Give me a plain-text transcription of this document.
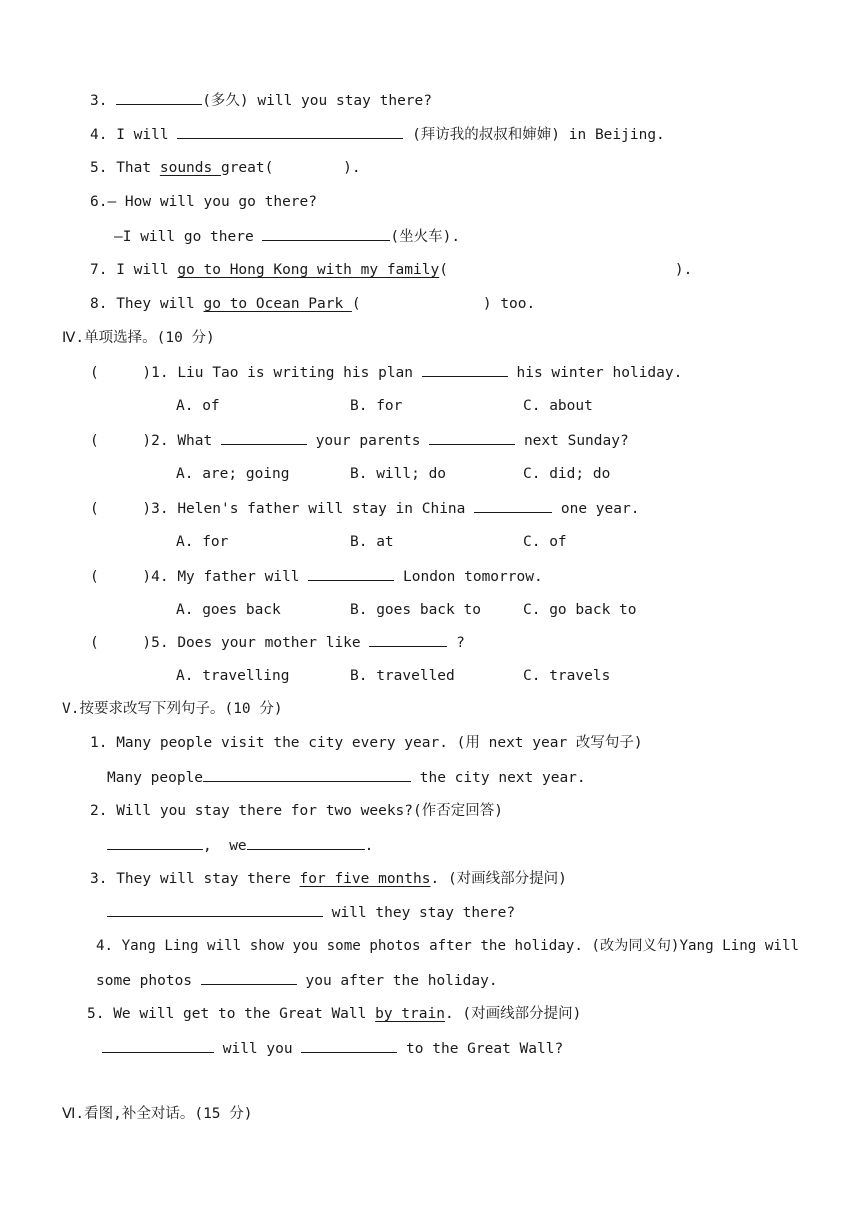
3.	(多久) will you stay there?
4. I will	(拜访我的叔叔和婶婶) in Beijing.
5. That sounds great(        ).
6.— How will you go there?
—I will go there	(坐火车).
7. I will go to Hong Kong with my family(                          ).
8. They will go to Ocean Park (              ) too.
Ⅳ.单项选择。(10 分)
(     )1. Liu Tao is writing his plan	his winter holiday.
A. of	B. for	C. about
(     )2. What	your parents	next Sunday?
A. are; going	B. will; do	C. did; do
(     )3. Helen's father will stay in China	one year.
A. for	B. at	C. of
(     )4. My father will	London tomorrow.
A. goes back	B. goes back to	C. go back to
(     )5. Does your mother like	?
A. travelling	B. travelled	C. travels
V.按要求改写下列句子。(10 分)
1. Many people visit the city every year. (用 next year 改写句子)
Many people	the city next year.
2. Will you stay there for two weeks?(作否定回答)
,  we	.
3. They will stay there for five months. (对画线部分提问)
will they stay there?
4. Yang Ling will show you some photos after the holiday. (改为同义句)Yang Ling will
some photos	you after the holiday.
5. We will get to the Great Wall by train. (对画线部分提问)
will you	to the Great Wall?
Ⅵ.看图,补全对话。(15 分)
